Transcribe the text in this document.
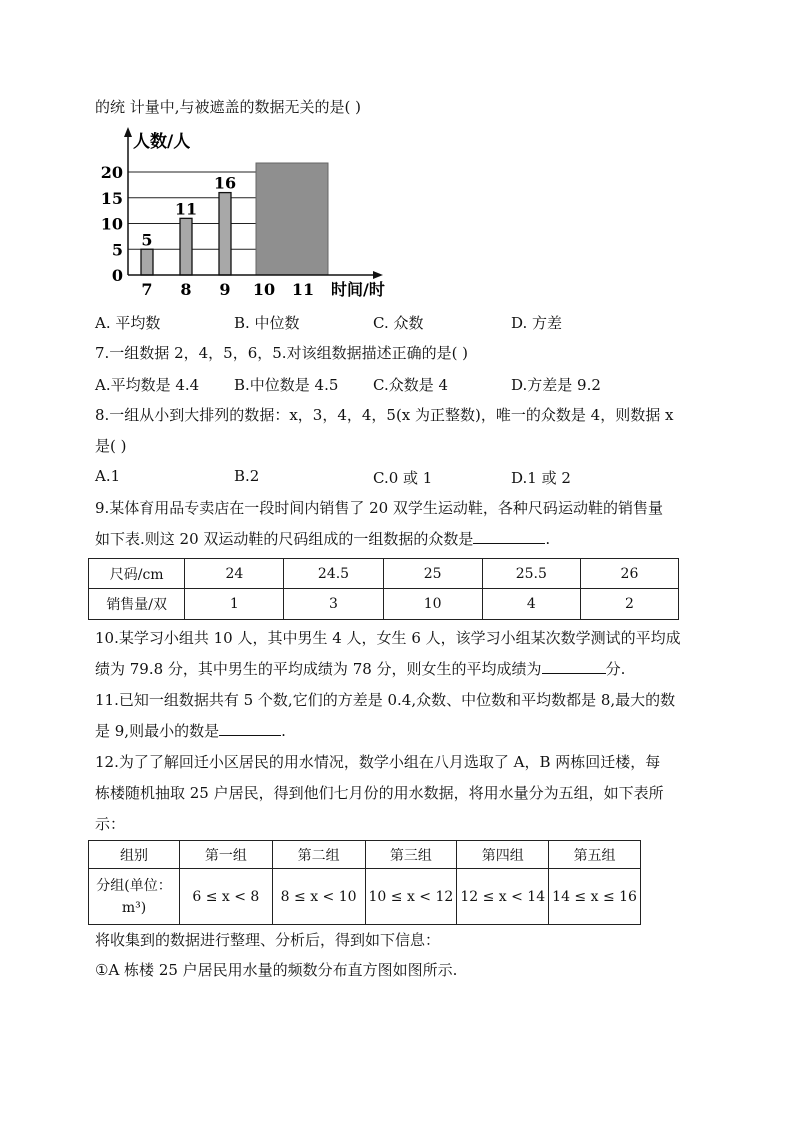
的统 计量中,与被遮盖的数据无关的是( )
人数/人
时间/时
0
5
10
15
20
7 8 9 10 11
5
11
16
A. 平均数	B. 中位数	C. 众数	D. 方差
7.一组数据 2，4，5，6，5.对该组数据描述正确的是( )
A.平均数是 4.4 B.中位数是 4.5 C.众数是 4	D.方差是 9.2
8.一组从小到大排列的数据：x，3，4，4，5(x 为正整数)，唯一的众数是 4，则数据 x
是( )
A.1	B.2	C.0 或 1	D.1 或 2
9.某体育用品专卖店在一段时间内销售了 20 双学生运动鞋，各种尺码运动鞋的销售量
如下表.则这 20 双运动鞋的尺码组成的一组数据的众数是	.
尺码/cm	24	24.5	25	25.5	26
销售量/双	1	3	10	4	2
10.某学习小组共 10 人，其中男生 4 人，女生 6 人，该学习小组某次数学测试的平均成
绩为 79.8 分，其中男生的平均成绩为 78 分，则女生的平均成绩为	分.
11.已知一组数据共有 5 个数,它们的方差是 0.4,众数、中位数和平均数都是 8,最大的数
是 9,则最小的数是	.
12.为了了解回迁小区居民的用水情况，数学小组在八月选取了 A，B 两栋回迁楼，每
栋楼随机抽取 25 户居民，得到他们七月份的用水数据，将用水量分为五组，如下表所
示：
组别	第一组	第二组	第三组	第四组	第五组

分组(单位：
m³)	6 ≤ x < 8	8 ≤ x < 10	10 ≤ x < 12	12 ≤ x < 14	14 ≤ x ≤ 16
将收集到的数据进行整理、分析后，得到如下信息：
①A 栋楼 25 户居民用水量的频数分布直方图如图所示.
